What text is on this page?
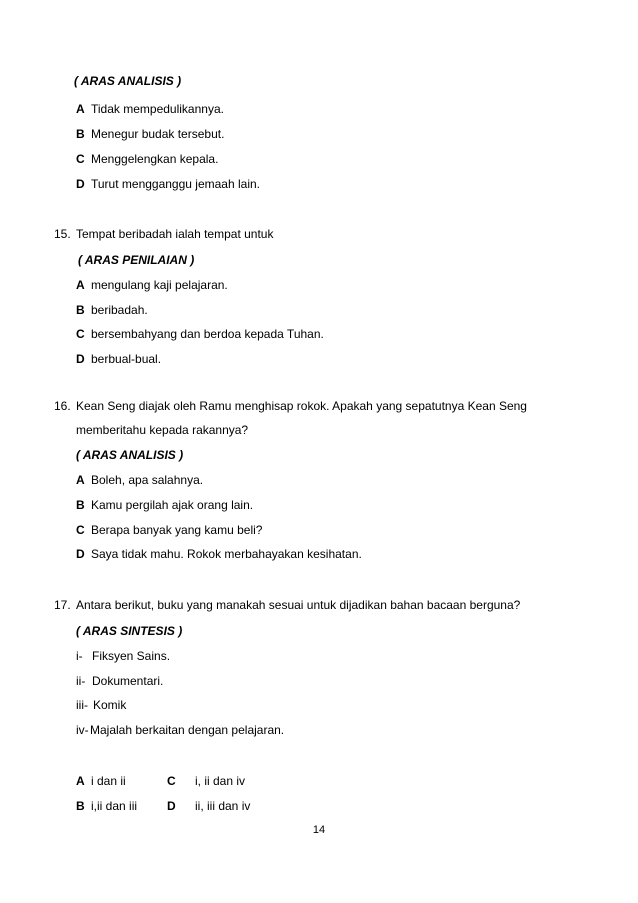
( ARAS ANALISIS )
A Tidak mempedulikannya.
B Menegur budak tersebut.
C Menggelengkan kepala.
D Turut mengganggu jemaah lain.
15. Tempat beribadah ialah tempat untuk
( ARAS PENILAIAN )
A mengulang kaji pelajaran.
B beribadah.
C bersembahyang dan berdoa kepada Tuhan.
D berbual-bual.
16. Kean Seng diajak oleh Ramu menghisap rokok. Apakah yang sepatutnya Kean Seng
memberitahu kepada rakannya?
( ARAS ANALISIS )
A Boleh, apa salahnya.
B Kamu pergilah ajak orang lain.
C Berapa banyak yang kamu beli?
D Saya tidak mahu. Rokok merbahayakan kesihatan.
17. Antara berikut, buku yang manakah sesuai untuk dijadikan bahan bacaan berguna?
( ARAS SINTESIS )
i- Fiksyen Sains.
ii- Dokumentari.
iii- Komik
iv-Majalah berkaitan dengan pelajaran.
A i dan ii	C i, ii dan iv
B i,ii dan iii D ii, iii dan iv
14
